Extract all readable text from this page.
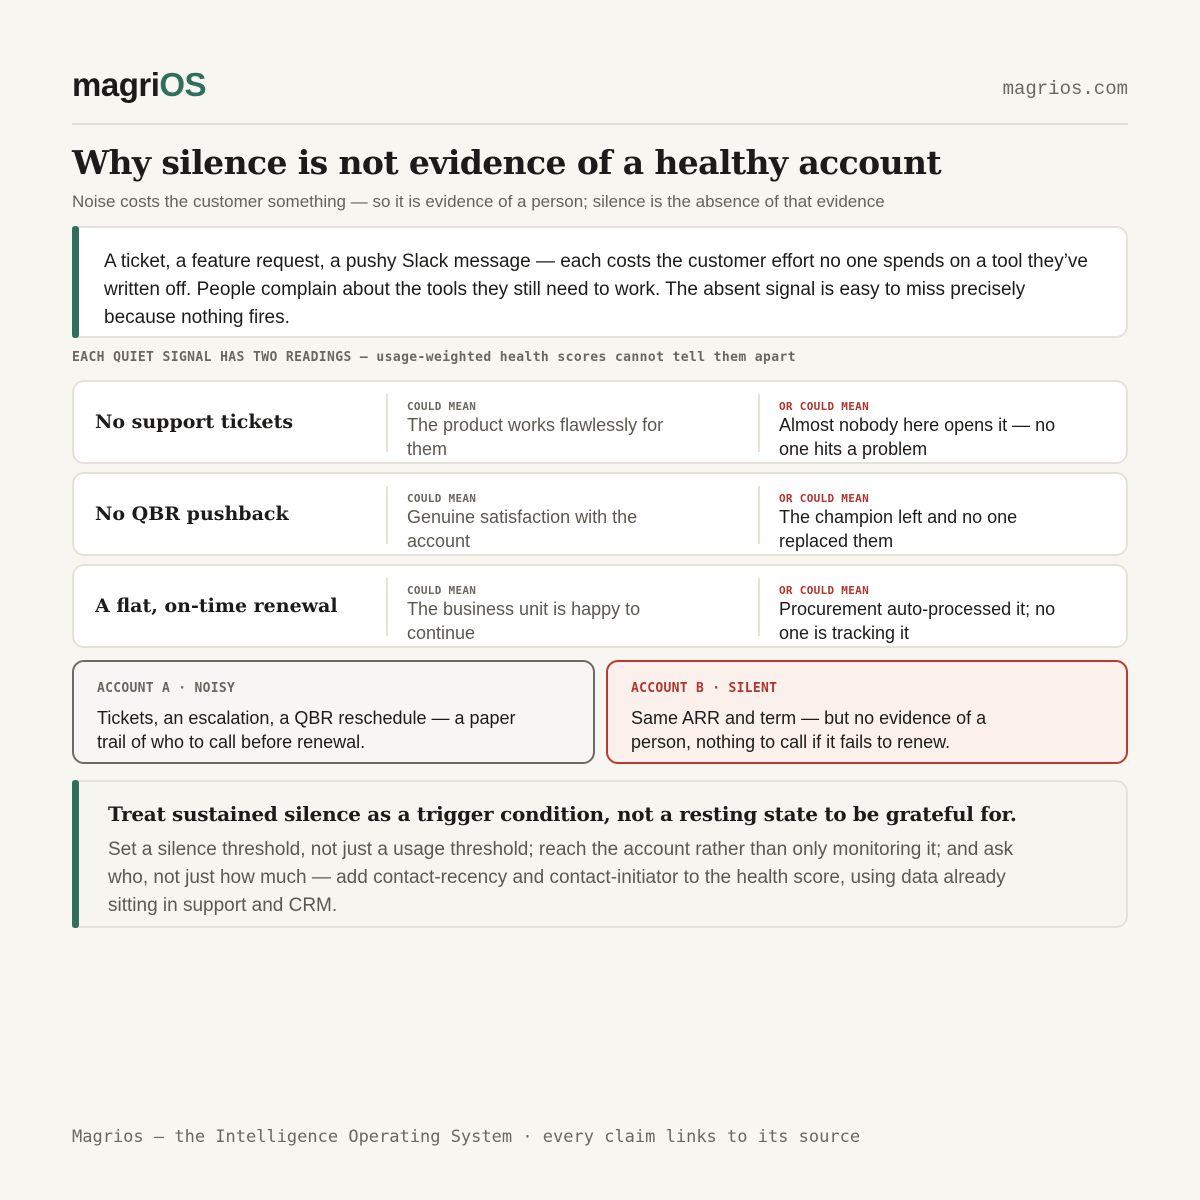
magriOS	magrios.com
Why silence is not evidence of a healthy account
Noise costs the customer something — so it is evidence of a person; silence is the absence of that evidence

A ticket, a feature request, a pushy Slack message — each costs the customer effort no one spends on a tool they’ve written off. People complain about the tools they still need to work. The absent signal is easy to miss precisely because nothing fires.

EACH QUIET SIGNAL HAS TWO READINGS — usage-weighted health scores cannot tell them apart
No support tickets
COULD MEAN
The product works flawlessly for them
OR COULD MEAN
Almost nobody here opens it — no one hits a problem
No QBR pushback
COULD MEAN
Genuine satisfaction with the account
OR COULD MEAN
The champion left and no one replaced them
A flat, on-time renewal
COULD MEAN
The business unit is happy to continue
OR COULD MEAN
Procurement auto-processed it; no one is tracking it
ACCOUNT A · NOISY
Tickets, an escalation, a QBR reschedule — a paper trail of who to call before renewal.
ACCOUNT B · SILENT
Same ARR and term — but no evidence of a person, nothing to call if it fails to renew.
Treat sustained silence as a trigger condition, not a resting state to be grateful for.
Set a silence threshold, not just a usage threshold; reach the account rather than only monitoring it; and ask who, not just how much — add contact-recency and contact-initiator to the health score, using data already sitting in support and CRM.
Magrios — the Intelligence Operating System · every claim links to its source
